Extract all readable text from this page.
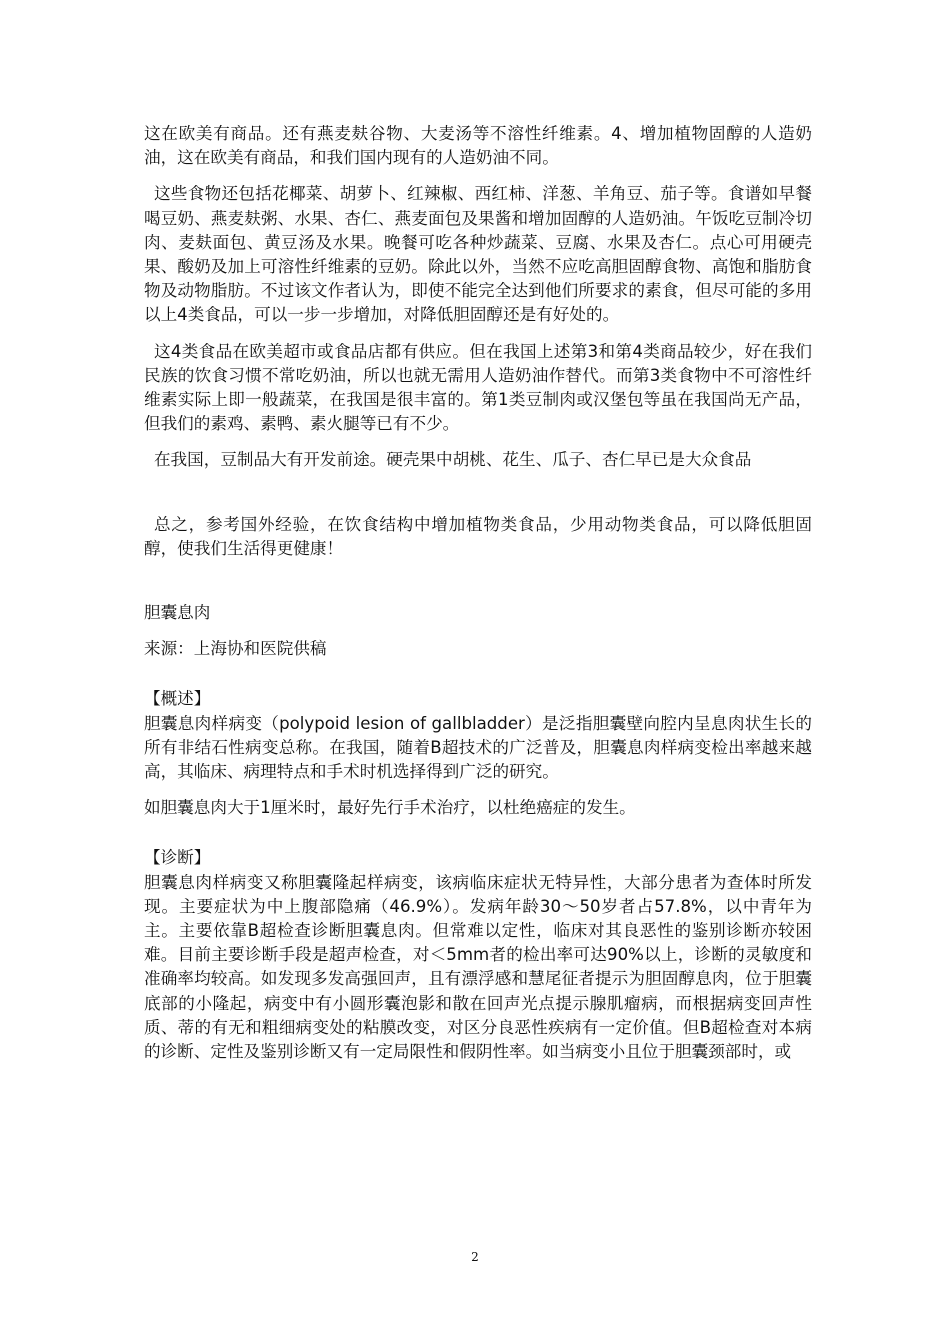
这在欧美有商品。还有燕麦麸谷物、大麦汤等不溶性纤维素。4、增加植物固醇的人造奶油，这在欧美有商品，和我们国内现有的人造奶油不同。

这些食物还包括花椰菜、胡萝卜、红辣椒、西红柿、洋葱、羊角豆、茄子等。食谱如早餐喝豆奶、燕麦麸粥、水果、杏仁、燕麦面包及果酱和增加固醇的人造奶油。午饭吃豆制冷切肉、麦麸面包、黄豆汤及水果。晚餐可吃各种炒蔬菜、豆腐、水果及杏仁。点心可用硬壳果、酸奶及加上可溶性纤维素的豆奶。除此以外，当然不应吃高胆固醇食物、高饱和脂肪食物及动物脂肪。不过该文作者认为，即使不能完全达到他们所要求的素食，但尽可能的多用以上4类食品，可以一步一步增加，对降低胆固醇还是有好处的。

这4类食品在欧美超市或食品店都有供应。但在我国上述第3和第4类商品较少，好在我们民族的饮食习惯不常吃奶油，所以也就无需用人造奶油作替代。而第3类食物中不可溶性纤维素实际上即一般蔬菜，在我国是很丰富的。第1类豆制肉或汉堡包等虽在我国尚无产品，但我们的素鸡、素鸭、素火腿等已有不少。

在我国，豆制品大有开发前途。硬壳果中胡桃、花生、瓜子、杏仁早已是大众食品

总之，参考国外经验，在饮食结构中增加植物类食品，少用动物类食品，可以降低胆固醇，使我们生活得更健康！

胆囊息肉

来源：上海协和医院供稿

【概述】

胆囊息肉样病变（polypoid lesion of gallbladder）是泛指胆囊壁向腔内呈息肉状生长的所有非结石性病变总称。在我国，随着B超技术的广泛普及，胆囊息肉样病变检出率越来越高，其临床、病理特点和手术时机选择得到广泛的研究。

如胆囊息肉大于1厘米时，最好先行手术治疗，以杜绝癌症的发生。

【诊断】

胆囊息肉样病变又称胆囊隆起样病变，该病临床症状无特异性，大部分患者为查体时所发现。主要症状为中上腹部隐痛（46.9%）。发病年龄30～50岁者占57.8%，以中青年为主。主要依靠B超检查诊断胆囊息肉。但常难以定性，临床对其良恶性的鉴别诊断亦较困难。目前主要诊断手段是超声检查，对＜5mm者的检出率可达90%以上，诊断的灵敏度和准确率均较高。如发现多发高强回声，且有漂浮感和慧尾征者提示为胆固醇息肉，位于胆囊底部的小隆起，病变中有小圆形囊泡影和散在回声光点提示腺肌瘤病，而根据病变回声性质、蒂的有无和粗细病变处的粘膜改变，对区分良恶性疾病有一定价值。但B超检查对本病的诊断、定性及鉴别诊断又有一定局限性和假阴性率。如当病变小且位于胆囊颈部时，或

2
